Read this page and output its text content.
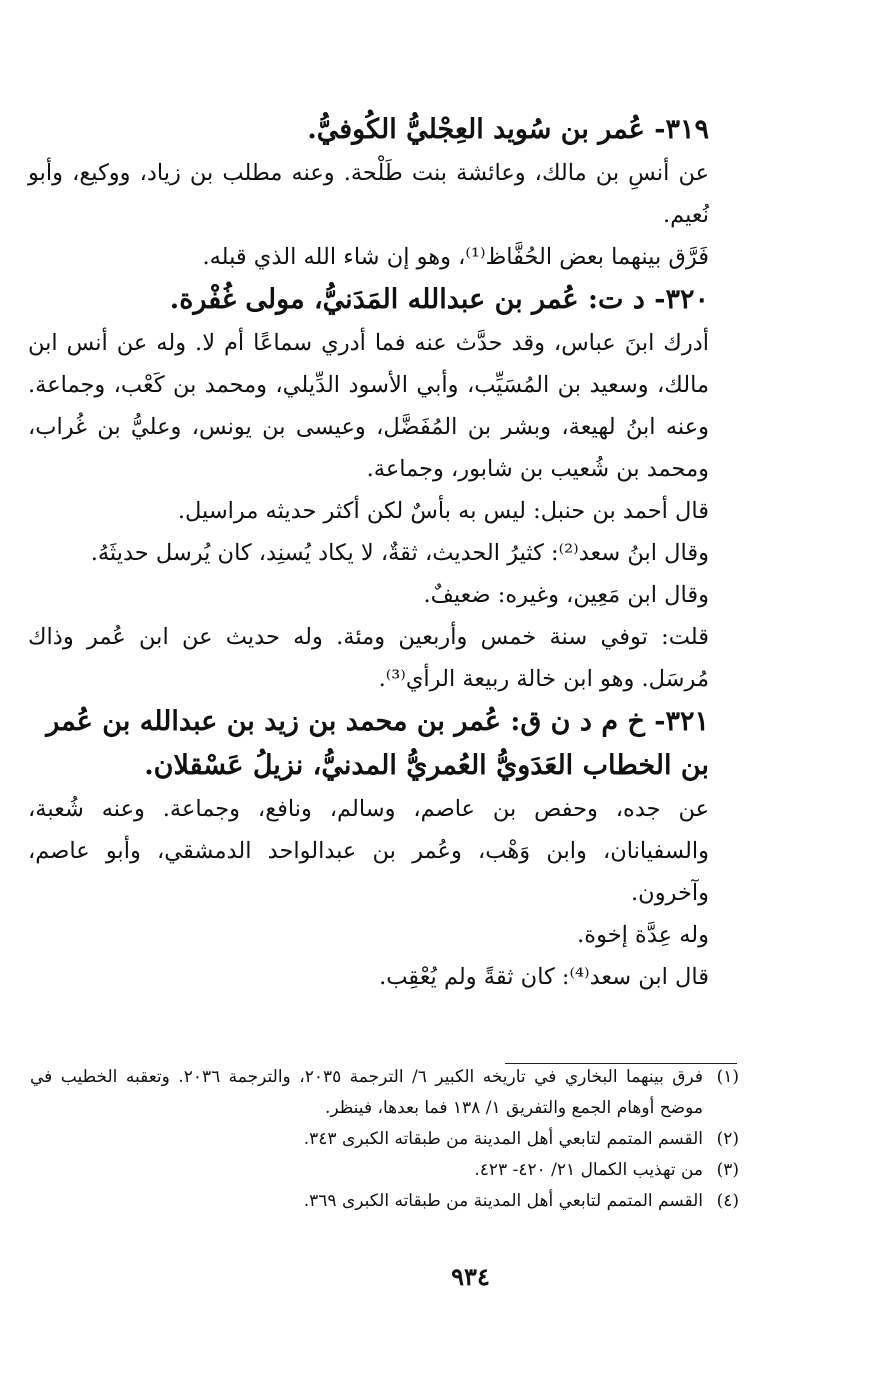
٣١٩- عُمر بن سُويد العِجْليُّ الكُوفيُّ.

عن أنسِ بن مالك، وعائشة بنت طَلْحة. وعنه مطلب بن زياد، ووكيع، وأبو نُعيم.

فَرَّق بينهما بعض الحُفَّاظ⁽¹⁾، وهو إن شاء الله الذي قبله.

٣٢٠- د ت: عُمر بن عبدالله المَدَنيُّ، مولى غُفْرة.

أدرك ابنَ عباس، وقد حدَّث عنه فما أدري سماعًا أم لا. وله عن أنس ابن مالك، وسعيد بن المُسَيِّب، وأبي الأسود الدِّيلي، ومحمد بن كَعْب، وجماعة. وعنه ابنُ لهيعة، وبشر بن المُفَضَّل، وعيسى بن يونس، وعليُّ بن غُراب، ومحمد بن شُعيب بن شابور، وجماعة.

قال أحمد بن حنبل: ليس به بأسٌ لكن أكثر حديثه مراسيل.

وقال ابنُ سعد⁽²⁾: كثيرُ الحديث، ثقةٌ، لا يكاد يُسنِد، كان يُرسل حديثَهُ.

وقال ابن مَعِين، وغيره: ضعيفٌ.

قلت: توفي سنة خمس وأربعين ومئة. وله حديث عن ابن عُمر وذاك مُرسَل. وهو ابن خالة ربيعة الرأي⁽³⁾.

٣٢١- خ م د ن ق: عُمر بن محمد بن زيد بن عبدالله بن عُمر بن الخطاب العَدَويُّ العُمريُّ المدنيُّ، نزيلُ عَسْقلان.

عن جده، وحفص بن عاصم، وسالم، ونافع، وجماعة. وعنه شُعبة، والسفيانان، وابن وَهْب، وعُمر بن عبدالواحد الدمشقي، وأبو عاصم، وآخرون.

وله عِدَّة إخوة.

قال ابن سعد⁽⁴⁾: كان ثقةً ولم يُعْقِب.

(١)
فرق بينهما البخاري في تاريخه الكبير ٦/ الترجمة ٢٠٣٥، والترجمة ٢٠٣٦. وتعقبه الخطيب في موضح أوهام الجمع والتفريق ١/ ١٣٨ فما بعدها، فينظر.

(٢)
القسم المتمم لتابعي أهل المدينة من طبقاته الكبرى ٣٤٣.

(٣)
من تهذيب الكمال ٢١/ ٤٢٠- ٤٢٣.

(٤)
القسم المتمم لتابعي أهل المدينة من طبقاته الكبرى ٣٦٩.

٩٣٤
